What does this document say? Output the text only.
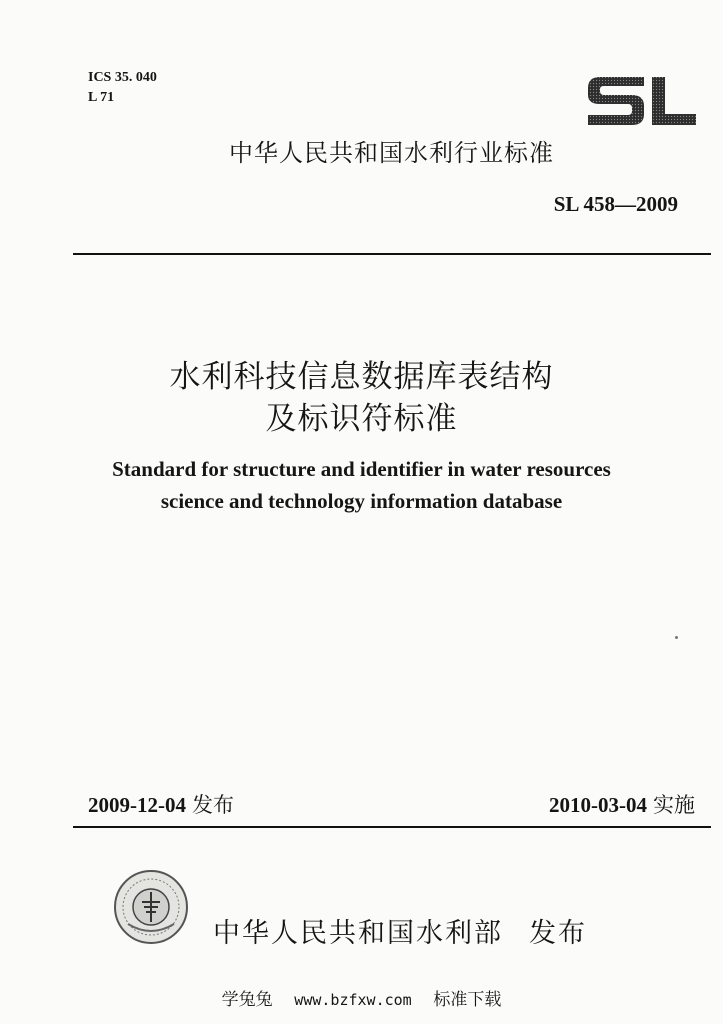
ICS 35. 040
L 71
中华人民共和国水利行业标准
SL 458—2009
水利科技信息数据库表结构
及标识符标准
Standard for structure and identifier in water resources
science and technology information database
2009-12-04 发布	2010-03-04 实施
中华人民共和国水利部 发布
学兔兔 www.bzfxw.com 标准下载
